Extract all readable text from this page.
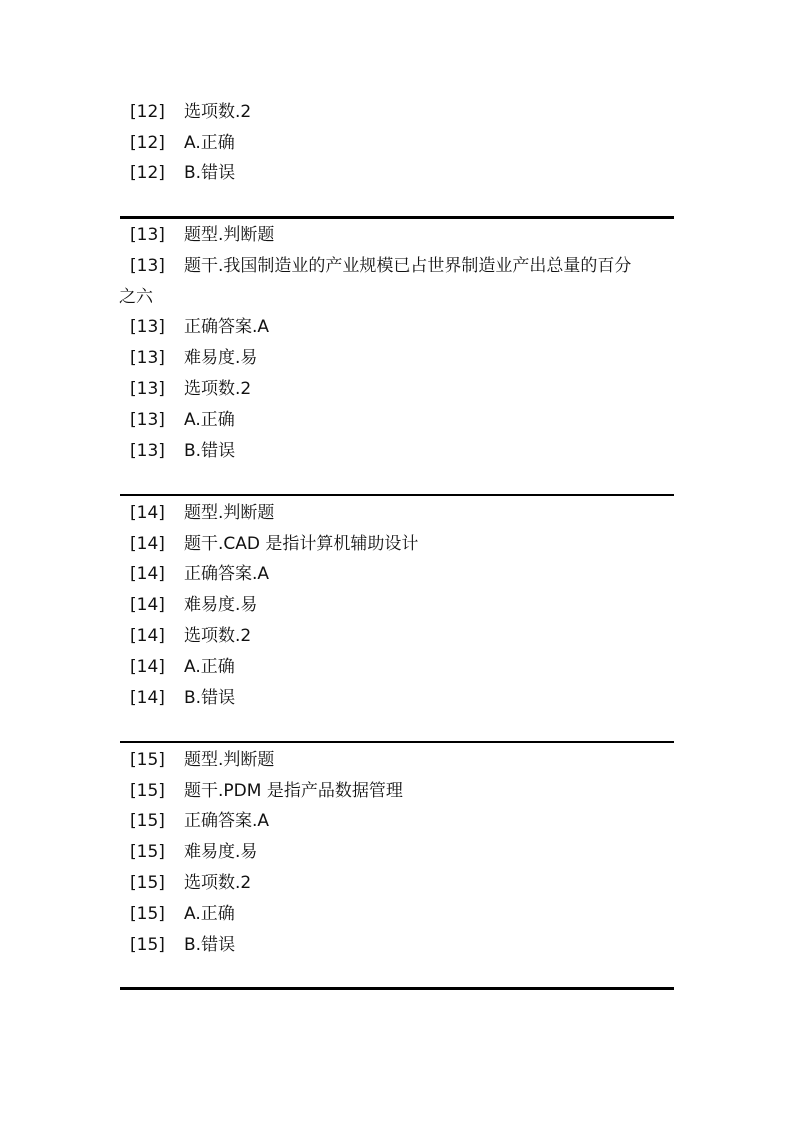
[12] 选项数.2
[12] A.正确
[12] B.错误
[13] 题型.判断题
[13] 题干.我国制造业的产业规模已占世界制造业产出总量的百分
之六
[13] 正确答案.A
[13] 难易度.易
[13] 选项数.2
[13] A.正确
[13] B.错误
[14] 题型.判断题
[14] 题干.CAD 是指计算机辅助设计
[14] 正确答案.A
[14] 难易度.易
[14] 选项数.2
[14] A.正确
[14] B.错误
[15] 题型.判断题
[15] 题干.PDM 是指产品数据管理
[15] 正确答案.A
[15] 难易度.易
[15] 选项数.2
[15] A.正确
[15] B.错误
